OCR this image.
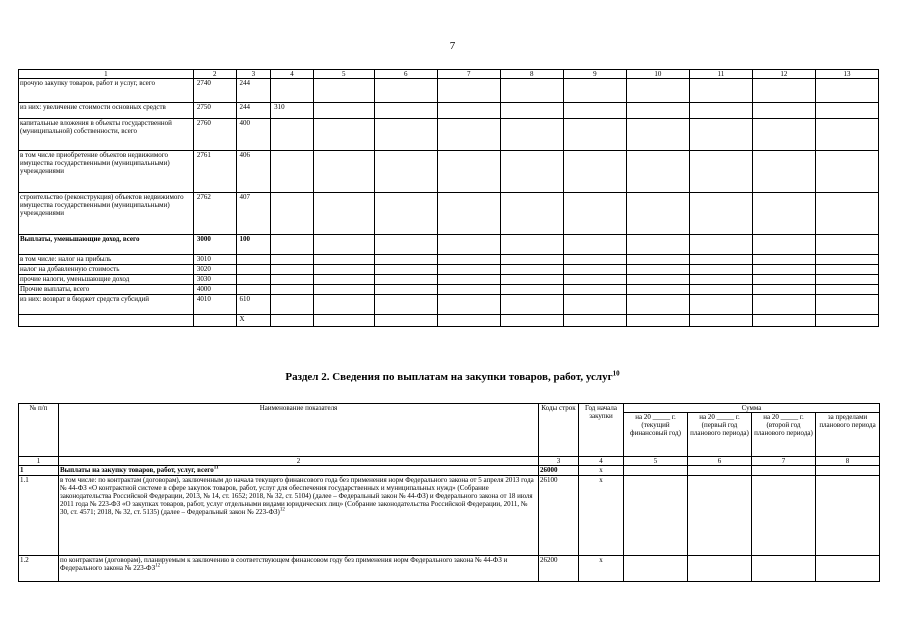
7
1	2	3	4	5	6	7	8	9	10	11	12	13
прочую закупку товаров, работ и услуг, всего	2740	244										
из них: увеличение стоимости основных средств	2750	244	310									
капитальные вложения в объекты государственной (муниципальной) собственности, всего	2760	400										
в том числе приобретение объектов недвижимого имущества государственными (муниципальными) учреждениями	2761	406										
строительство (реконструкция) объектов недвижимого имущества государственными (муниципальными) учреждениями	2762	407										
Выплаты, уменьшающие доход, всего	3000	100										
в том числе: налог на прибыль	3010											
налог на добавленную стоимость	3020											
прочие налоги, уменьшающие доход	3030											
Прочие выплаты, всего	4000											
из них: возврат в бюджет средств субсидий	4010	610										
		Х										
Раздел 2. Сведения по выплатам на закупки товаров, работ, услуг$^{10}$
№ п/п	Наименование показателя	Коды строк	Год начала закупки	Сумма			
				на 20 _____ г. (текущий финансовый год)	на 20 _____ г. (первый год планового периода)	на 20 _____ г. (второй год планового периода)	за пределами планового периода
1	2	3	4	5	6	7	8
1	Выплаты на закупку товаров, работ, услуг, всего$^{11}$	26000	х				
1.1	в том числе: по контрактам (договорам), заключенным до начала текущего финансового года без применения норм Федерального закона от 5 апреля 2013 года № 44-ФЗ «О контрактной системе в сфере закупок товаров, работ, услуг для обеспечения государственных и муниципальных нужд» (Собрание законодательства Российской Федерации, 2013, № 14, ст. 1652; 2018, № 32, ст. 5104) (далее – Федеральный закон № 44-ФЗ) и Федерального закона от 18 июля 2011 года № 223-ФЗ «О закупках товаров, работ, услуг отдельными видами юридических лиц» (Собрание законодательства Российской Федерации, 2011, № 30, ст. 4571; 2018, № 32, ст. 5135) (далее – Федеральный закон № 223-ФЗ)$^{12}$	26100	х				
1.2	по контрактам (договорам), планируемым к заключению в соответствующем финансовом году без применения норм Федерального закона № 44-ФЗ и Федерального закона № 223-ФЗ$^{12}$	26200	х				
